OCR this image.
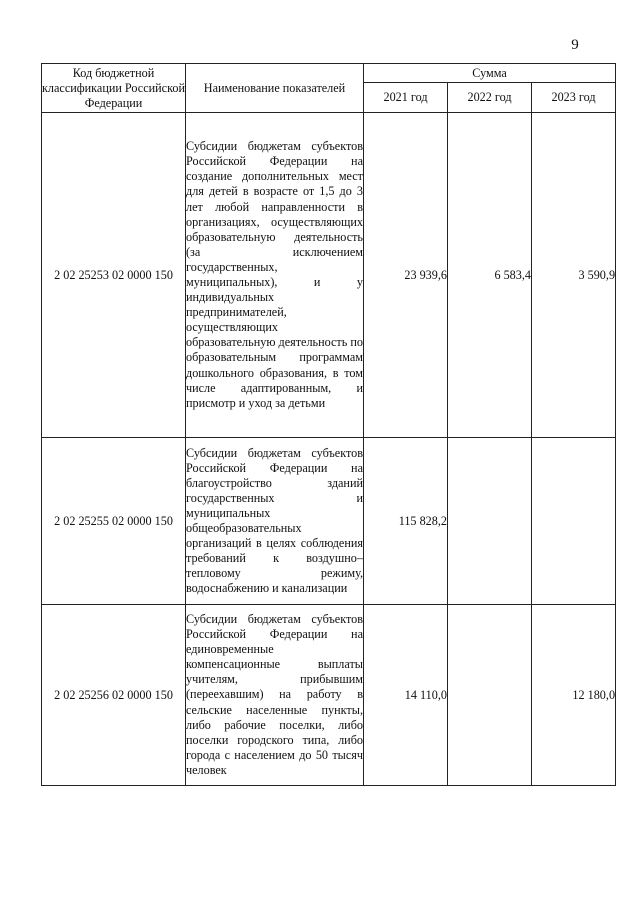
9
Код бюджетной классификации Российской Федерации	Наименование показателей	Сумма		
		2021 год	2022 год	2023 год
2 02 25253 02 0000 150	Субсидии бюджетам субъектов Российской Федерации на создание дополнительных мест для детей в возрасте от 1,5 до 3 лет любой направленности в организациях, осуществляющих образовательную деятельность (за исключением государственных, муниципальных), и у индивидуальных предпринимателей, осуществляющих образовательную деятельность по образовательным программам дошкольного образования, в том числе адаптированным, и присмотр и уход за детьми	23 939,6	6 583,4	3 590,9
2 02 25255 02 0000 150	Субсидии бюджетам субъектов Российской Федерации на благоустройство зданий государственных и муниципальных общеобразовательных организаций в целях соблюдения требований к воздушно–тепловому режиму, водоснабжению и канализации	115 828,2		
2 02 25256 02 0000 150	Субсидии бюджетам субъектов Российской Федерации на единовременные компенсационные выплаты учителям, прибывшим (переехавшим) на работу в сельские населенные пункты, либо рабочие поселки, либо поселки городского типа, либо города с населением до 50 тысяч человек	14 110,0		12 180,0
